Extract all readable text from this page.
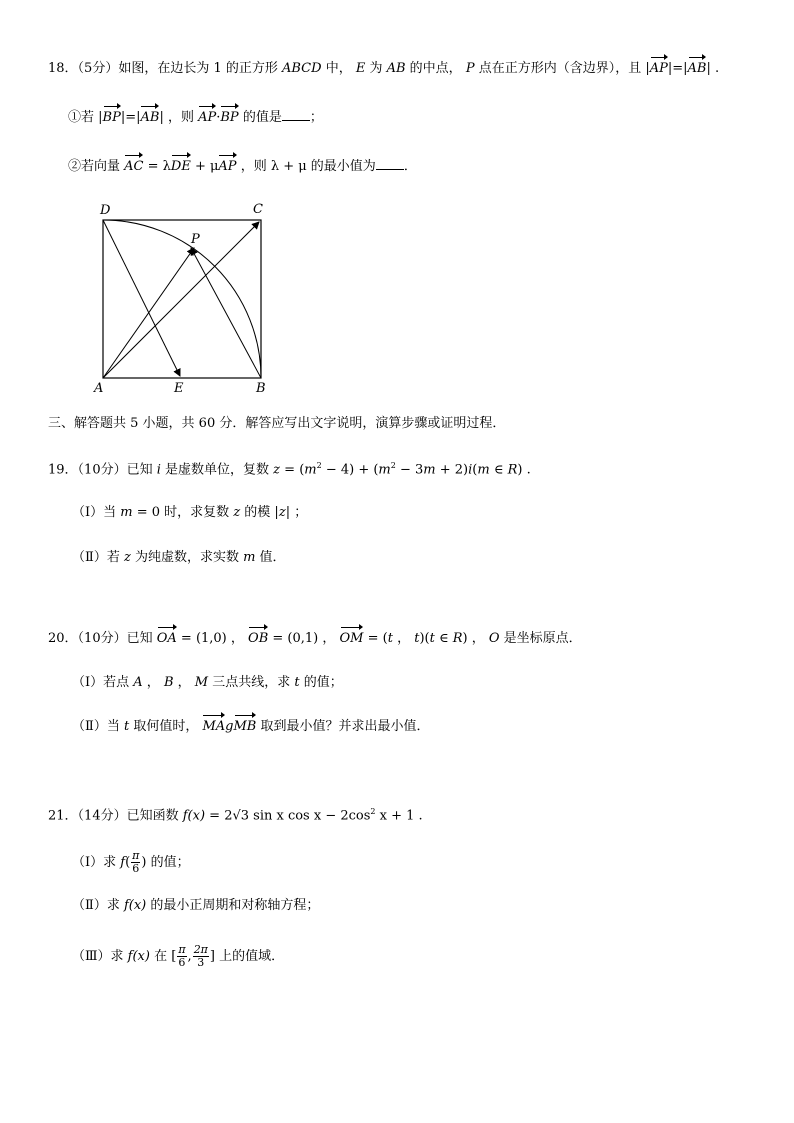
18．（5分）如图，在边长为 1 的正方形 ABCD 中， E 为 AB 的中点， P 点在正方形内（含边界），且 |AP|=|AB| .
①若 |BP|=|AB| ，则 AP·BP 的值是 ；
②若向量 AC = λDE + μAP ，则 λ + μ 的最小值为 ．
D	C
P
A	E	B
三、解答题共 5 小题，共 60 分．解答应写出文字说明，演算步骤或证明过程．
19．（10分）已知 i 是虚数单位，复数 $z = (m^2 - 4) + (m^2 - 3m + 2)i(m$ ∈ R) .
（Ⅰ）当 m = 0 时，求复数 z 的模 |z| ；
（Ⅱ）若 z 为纯虚数，求实数 m 值．
20．（10分）已知 OA = (1,0) ， OB = (0,1) ， OM = (t ， t)(t ∈ R) ， O 是坐标原点．
（Ⅰ）若点 A ， B ， M 三点共线，求 t 的值；
（Ⅱ）当 t 取何值时， MAgMB 取到最小值？并求出最小值．
21．（14分）已知函数 f(x) = 2√3 sin x $\cos x - 2\cos^2$ x + 1 .
（Ⅰ）求 $f( \frac{\pi}{6}$ ) 的值；
（Ⅱ）求 f(x) 的最小正周期和对称轴方程；
（Ⅲ）求 f(x) 在 [ $\frac{\pi}{6}$ , $\frac{2\pi}{3}$ ] 上的值域．
